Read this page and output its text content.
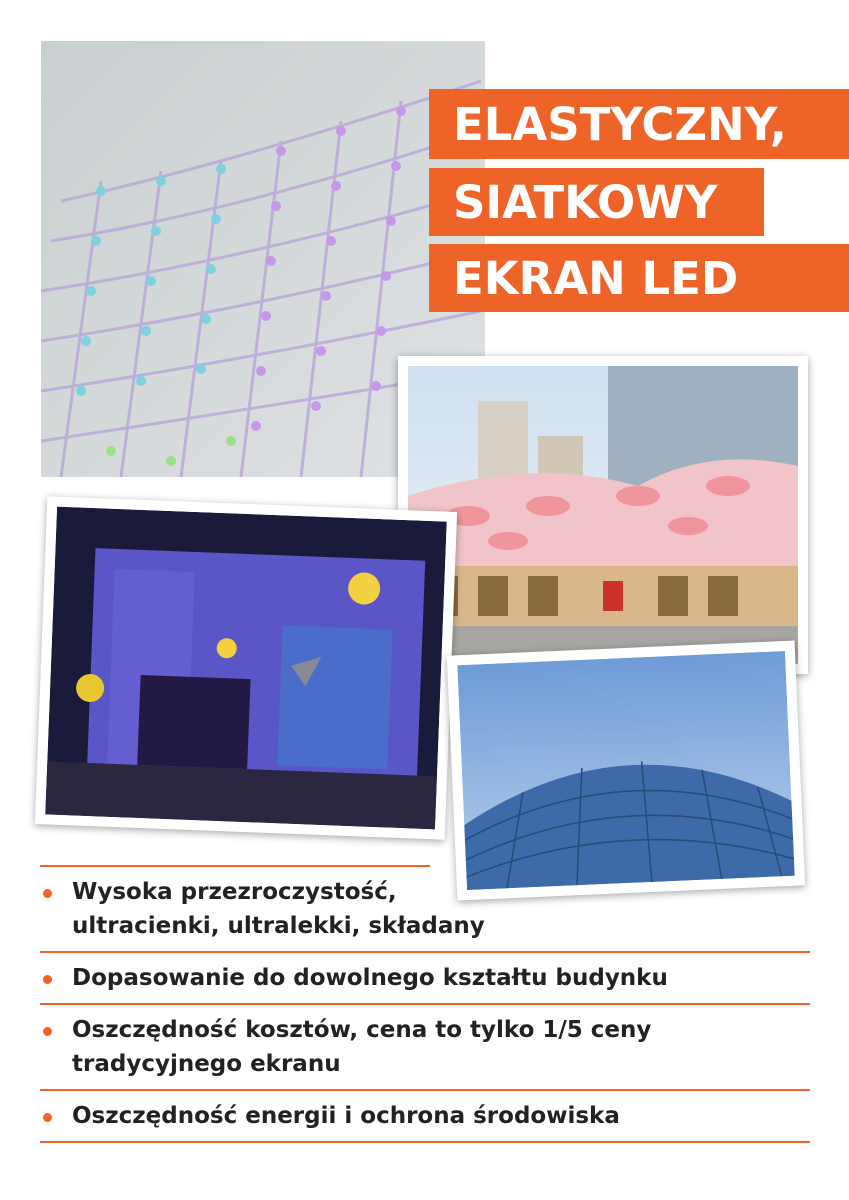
ELASTYCZNY,
SIATKOWY
EKRAN LED
Wysoka przezroczystość,
ultracienki, ultralekki, składany
Dopasowanie do dowolnego kształtu budynku
Oszczędność kosztów, cena to tylko 1/5 ceny
tradycyjnego ekranu
Oszczędność energii i ochrona środowiska
